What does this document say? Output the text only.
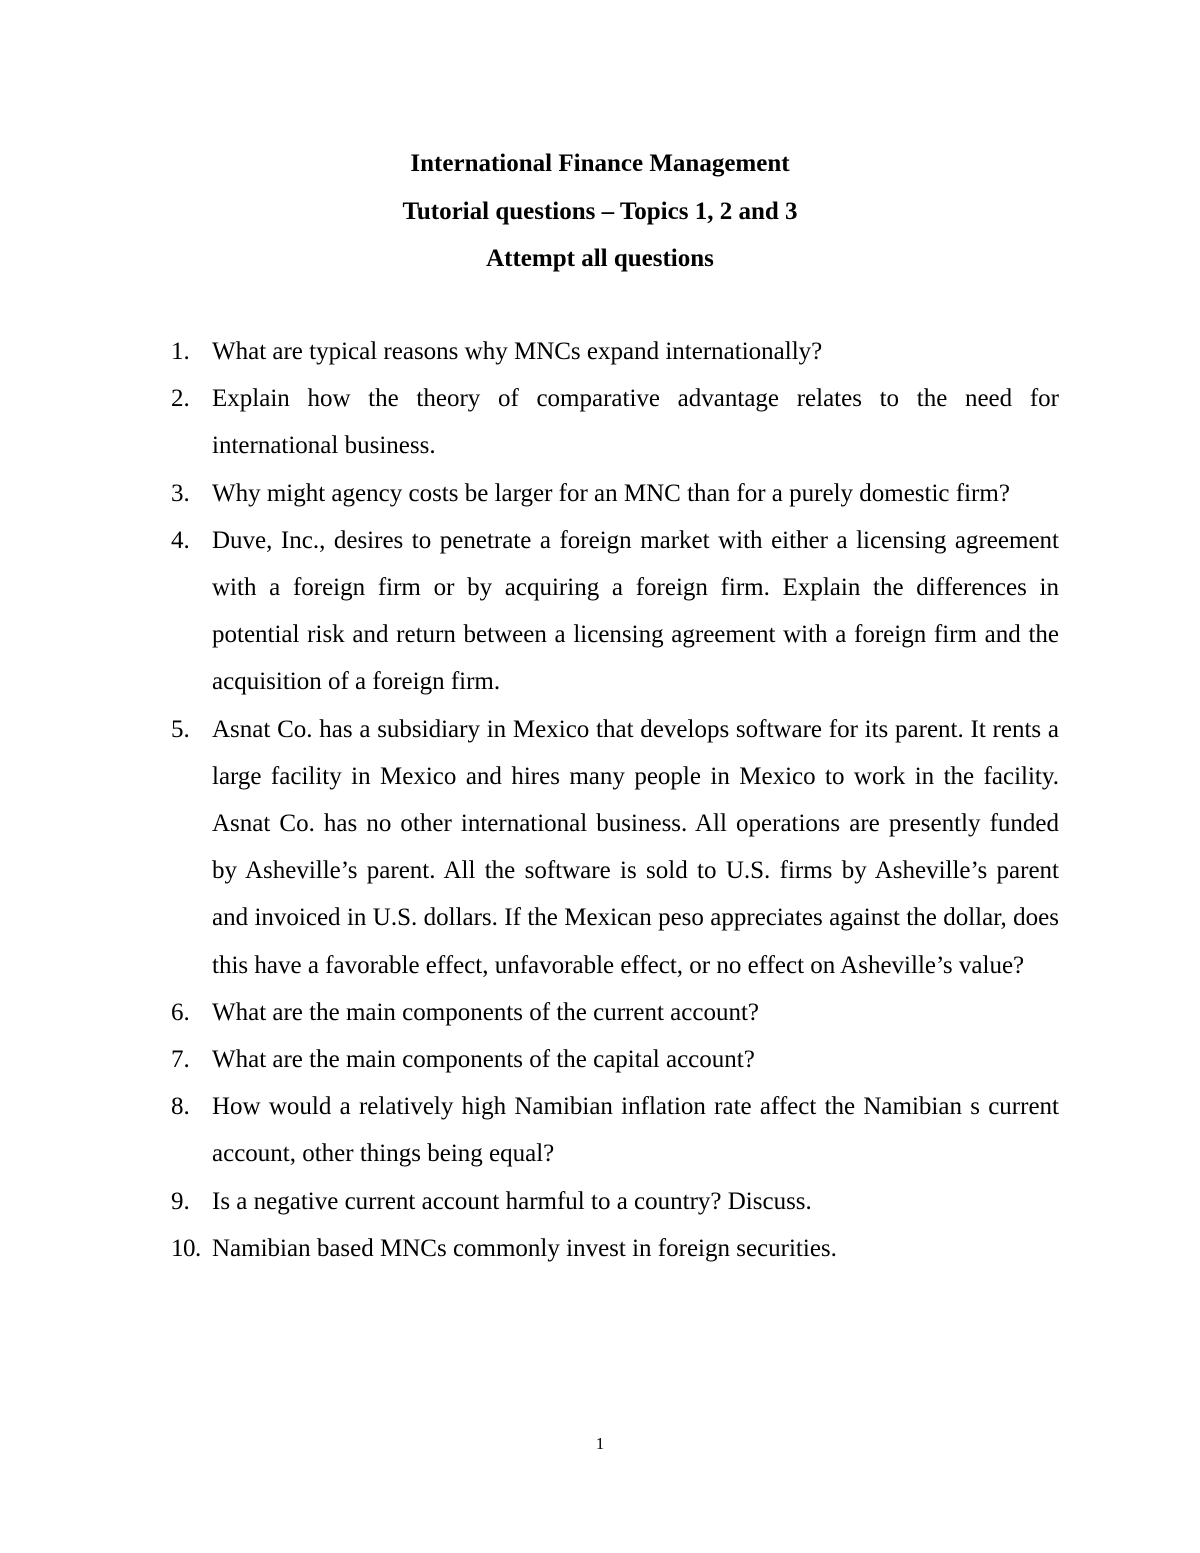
International Finance Management
Tutorial questions – Topics 1, 2 and 3
Attempt all questions
1. What are typical reasons why MNCs expand internationally?
2. Explain how the theory of comparative advantage relates to the need for international business.
3. Why might agency costs be larger for an MNC than for a purely domestic firm?
4. Duve, Inc., desires to penetrate a foreign market with either a licensing agreement with a foreign firm or by acquiring a foreign firm. Explain the differences in potential risk and return between a licensing agreement with a foreign firm and the acquisition of a foreign firm.
5. Asnat Co. has a subsidiary in Mexico that develops software for its parent. It rents a large facility in Mexico and hires many people in Mexico to work in the facility. Asnat Co. has no other international business. All operations are presently funded by Asheville’s parent. All the software is sold to U.S. firms by Asheville’s parent and invoiced in U.S. dollars. If the Mexican peso appreciates against the dollar, does this have a favorable effect, unfavorable effect, or no effect on Asheville’s value?
6. What are the main components of the current account?
7. What are the main components of the capital account?
8. How would a relatively high Namibian inflation rate affect the Namibian s current account, other things being equal?
9. Is a negative current account harmful to a country? Discuss.
10. Namibian based MNCs commonly invest in foreign securities.
1
